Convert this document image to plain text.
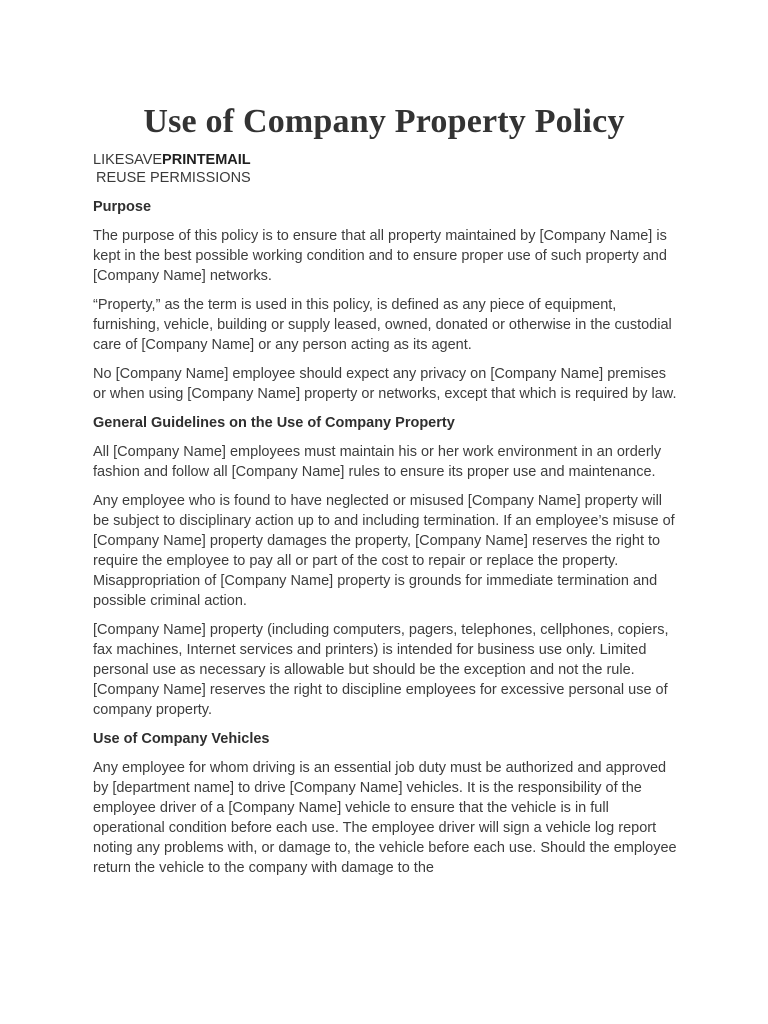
Use of Company Property Policy
LIKESAVEPRINTEMAIL
REUSE PERMISSIONS
Purpose

The purpose of this policy is to ensure that all property maintained by [Company Name] is kept in the best possible working condition and to ensure proper use of such property and [Company Name] networks.

“Property,” as the term is used in this policy, is defined as any piece of equipment, furnishing, vehicle, building or supply leased, owned, donated or otherwise in the custodial care of [Company Name] or any person acting as its agent.

No [Company Name] employee should expect any privacy on [Company Name] premises or when using [Company Name] property or networks, except that which is required by law.

General Guidelines on the Use of Company Property

All [Company Name] employees must maintain his or her work environment in an orderly fashion and follow all [Company Name] rules to ensure its proper use and maintenance.

Any employee who is found to have neglected or misused [Company Name] property will be subject to disciplinary action up to and including termination. If an employee’s misuse of [Company Name] property damages the property, [Company Name] reserves the right to require the employee to pay all or part of the cost to repair or replace the property. Misappropriation of [Company Name] property is grounds for immediate termination and possible criminal action.

[Company Name] property (including computers, pagers, telephones, cellphones, copiers, fax machines, Internet services and printers) is intended for business use only. Limited personal use as necessary is allowable but should be the exception and not the rule. [Company Name] reserves the right to discipline employees for excessive personal use of company property.

Use of Company Vehicles

Any employee for whom driving is an essential job duty must be authorized and approved by [department name] to drive [Company Name] vehicles. It is the responsibility of the employee driver of a [Company Name] vehicle to ensure that the vehicle is in full operational condition before each use. The employee driver will sign a vehicle log report noting any problems with, or damage to, the vehicle before each use. Should the employee return the vehicle to the company with damage to the
